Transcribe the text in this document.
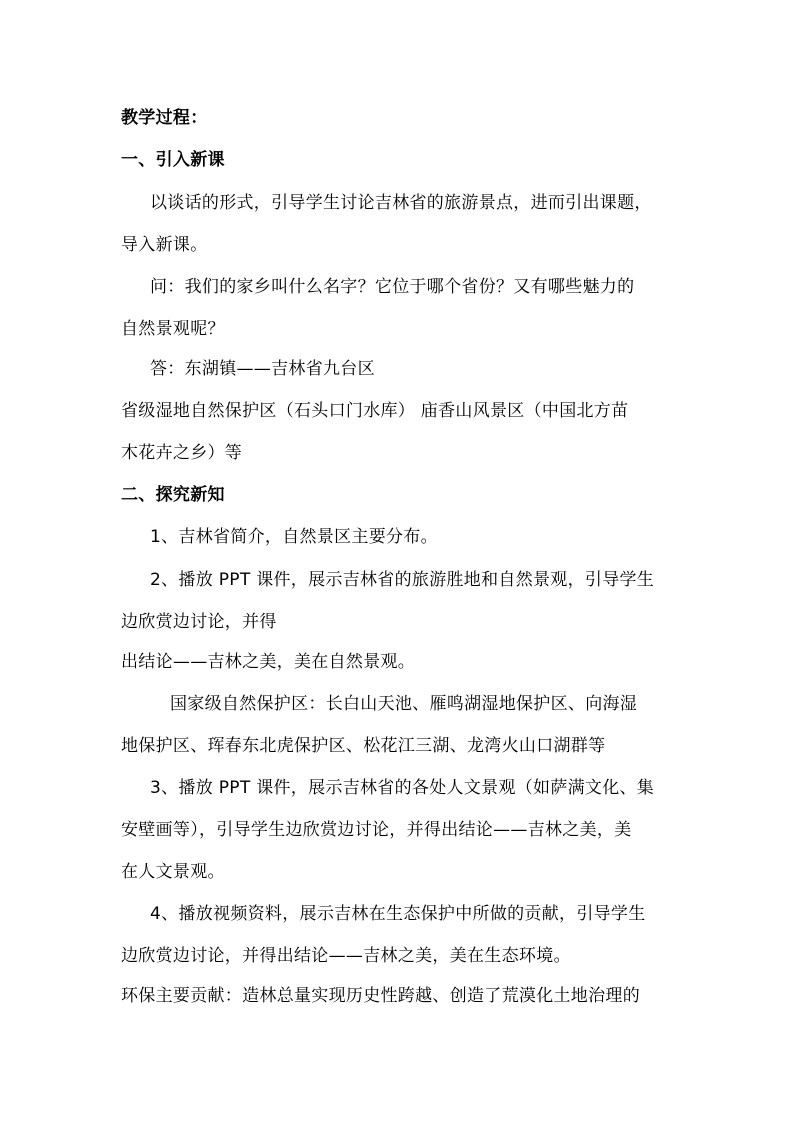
教学过程：
一、引入新课
以谈话的形式，引导学生讨论吉林省的旅游景点，进而引出课题，
导入新课。
问：我们的家乡叫什么名字？它位于哪个省份？又有哪些魅力的
自然景观呢？
答：东湖镇——吉林省九台区
省级湿地自然保护区（石头口门水库） 庙香山风景区（中国北方苗
木花卉之乡）等
二、探究新知
1、吉林省简介，自然景区主要分布。
2、播放 PPT 课件，展示吉林省的旅游胜地和自然景观，引导学生
边欣赏边讨论，并得
出结论——吉林之美，美在自然景观。
国家级自然保护区：长白山天池、雁鸣湖湿地保护区、向海湿
地保护区、珲春东北虎保护区、松花江三湖、龙湾火山口湖群等
3、播放 PPT 课件，展示吉林省的各处人文景观（如萨满文化、集
安壁画等），引导学生边欣赏边讨论，并得出结论——吉林之美，美
在人文景观。
4、播放视频资料，展示吉林在生态保护中所做的贡献，引导学生
边欣赏边讨论，并得出结论——吉林之美，美在生态环境。
环保主要贡献：造林总量实现历史性跨越、创造了荒漠化土地治理的
